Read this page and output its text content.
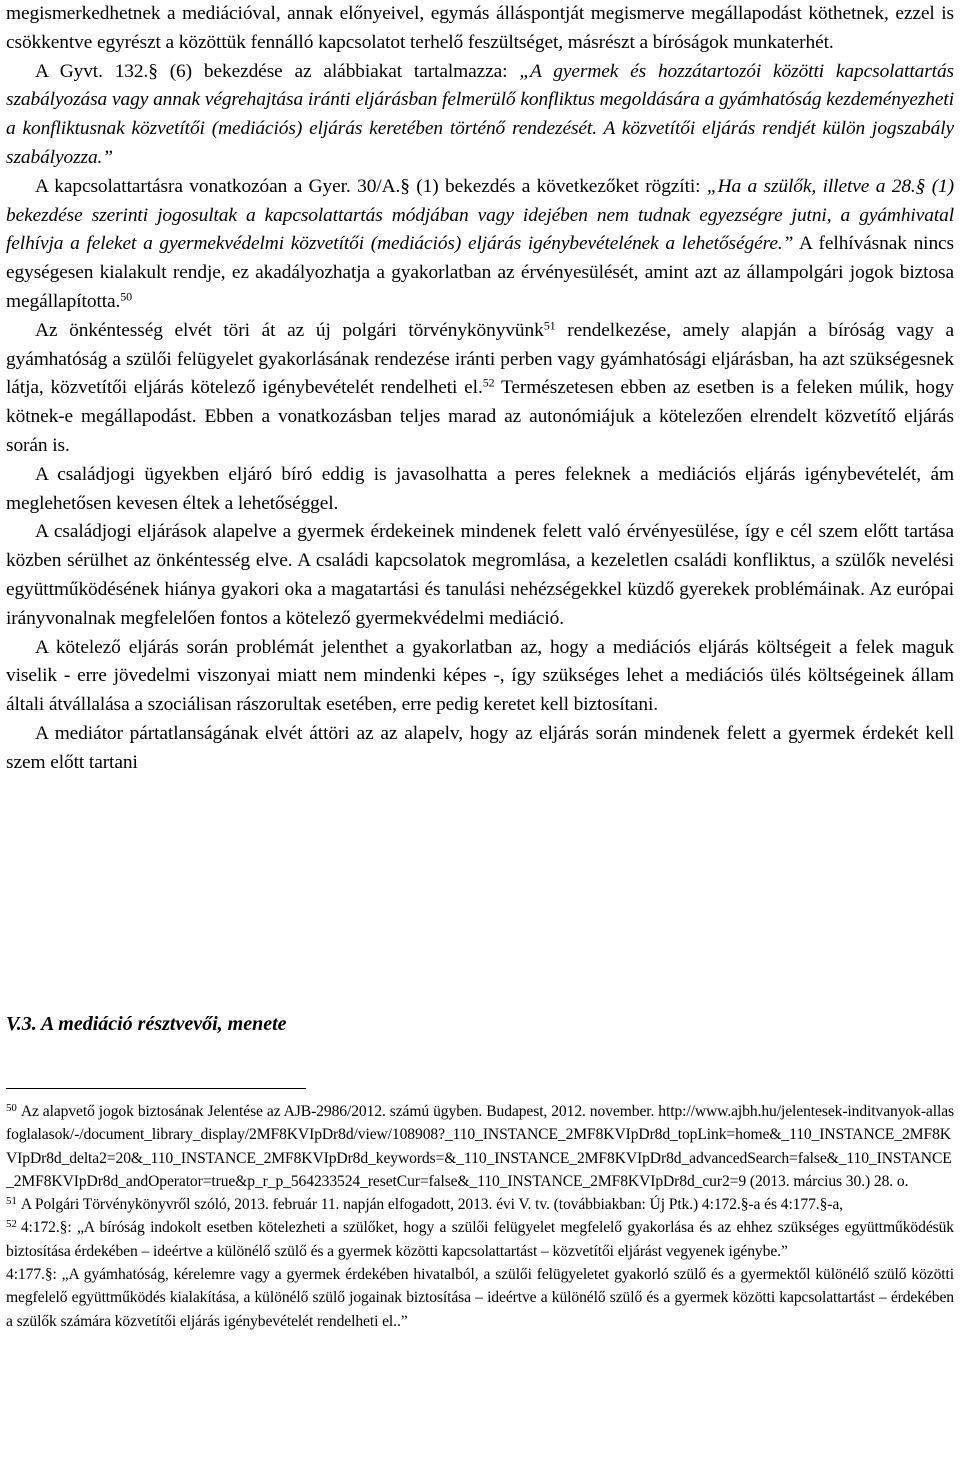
megismerkedhetnek a mediációval, annak előnyeivel, egymás álláspontját megismerve megállapodást köthetnek, ezzel is csökkentve egyrészt a közöttük fennálló kapcsolatot terhelő feszültséget, másrészt a bíróságok munkaterhét.

A Gyvt. 132.§ (6) bekezdése az alábbiakat tartalmazza: „A gyermek és hozzátartozói közötti kapcsolattartás szabályozása vagy annak végrehajtása iránti eljárásban felmerülő konfliktus megoldására a gyámhatóság kezdeményezheti a konfliktusnak közvetítői (mediációs) eljárás keretében történő rendezését. A közvetítői eljárás rendjét külön jogszabály szabályozza.”

A kapcsolattartásra vonatkozóan a Gyer. 30/A.§ (1) bekezdés a következőket rögzíti: „Ha a szülők, illetve a 28.§ (1) bekezdése szerinti jogosultak a kapcsolattartás módjában vagy idejében nem tudnak egyezségre jutni, a gyámhivatal felhívja a feleket a gyermekvédelmi közvetítői (mediációs) eljárás igénybevételének a lehetőségére.” A felhívásnak nincs egységesen kialakult rendje, ez akadályozhatja a gyakorlatban az érvényesülését, amint azt az állampolgári jogok biztosa megállapította.$^{50}$

Az önkéntesség elvét töri át az új polgári törvénykönyvünk$^{51}$ rendelkezése, amely alapján a bíróság vagy a gyámhatóság a szülői felügyelet gyakorlásának rendezése iránti perben vagy gyámhatósági eljárásban, ha azt szükségesnek látja, közvetítői eljárás kötelező igénybevételét rendelheti el.$^{52}$ Természetesen ebben az esetben is a feleken múlik, hogy kötnek-e megállapodást. Ebben a vonatkozásban teljes marad az autonómiájuk a kötelezően elrendelt közvetítő eljárás során is.

A családjogi ügyekben eljáró bíró eddig is javasolhatta a peres feleknek a mediációs eljárás igénybevételét, ám meglehetősen kevesen éltek a lehetőséggel.

A családjogi eljárások alapelve a gyermek érdekeinek mindenek felett való érvényesülése, így e cél szem előtt tartása közben sérülhet az önkéntesség elve. A családi kapcsolatok megromlása, a kezeletlen családi konfliktus, a szülők nevelési együttműködésének hiánya gyakori oka a magatartási és tanulási nehézségekkel küzdő gyerekek problémáinak. Az európai irányvonalnak megfelelően fontos a kötelező gyermekvédelmi mediáció.

A kötelező eljárás során problémát jelenthet a gyakorlatban az, hogy a mediációs eljárás költségeit a felek maguk viselik - erre jövedelmi viszonyai miatt nem mindenki képes -, így szükséges lehet a mediációs ülés költségeinek állam általi átvállalása a szociálisan rászorultak esetében, erre pedig keretet kell biztosítani.

A mediátor pártatlanságának elvét áttöri az az alapelv, hogy az eljárás során mindenek felett a gyermek érdekét kell szem előtt tartani

V.3. A mediáció résztvevői, menete

$^{50}$ Az alapvető jogok biztosának Jelentése az AJB-2986/2012. számú ügyben. Budapest, 2012. november. http://www.ajbh.hu/jelentesek-inditvanyok-allasfoglalasok/-/document_library_display/2MF8KVIpDr8d/view/108908?_110_INSTANCE_2MF8KVIpDr8d_topLink=home&_110_INSTANCE_2MF8KVIpDr8d_delta2=20&_110_INSTANCE_2MF8KVIpDr8d_keywords=&_110_INSTANCE_2MF8KVIpDr8d_advancedSearch=false&_110_INSTANCE_2MF8KVIpDr8d_andOperator=true&p_r_p_564233524_resetCur=false&_110_INSTANCE_2MF8KVIpDr8d_cur2=9 (2013. március 30.) 28. o.

$^{51}$ A Polgári Törvénykönyvről szóló, 2013. február 11. napján elfogadott, 2013. évi V. tv. (továbbiakban: Új Ptk.) 4:172.§-a és 4:177.§-a,

$^{52}$ 4:172.§: „A bíróság indokolt esetben kötelezheti a szülőket, hogy a szülői felügyelet megfelelő gyakorlása és az ehhez szükséges együttműködésük biztosítása érdekében – ideértve a különélő szülő és a gyermek közötti kapcsolattartást – közvetítői eljárást vegyenek igénybe.”

4:177.§: „A gyámhatóság, kérelemre vagy a gyermek érdekében hivatalból, a szülői felügyeletet gyakorló szülő és a gyermektől különélő szülő közötti megfelelő együttműködés kialakítása, a különélő szülő jogainak biztosítása – ideértve a különélő szülő és a gyermek közötti kapcsolattartást – érdekében a szülők számára közvetítői eljárás igénybevételét rendelheti el..”
